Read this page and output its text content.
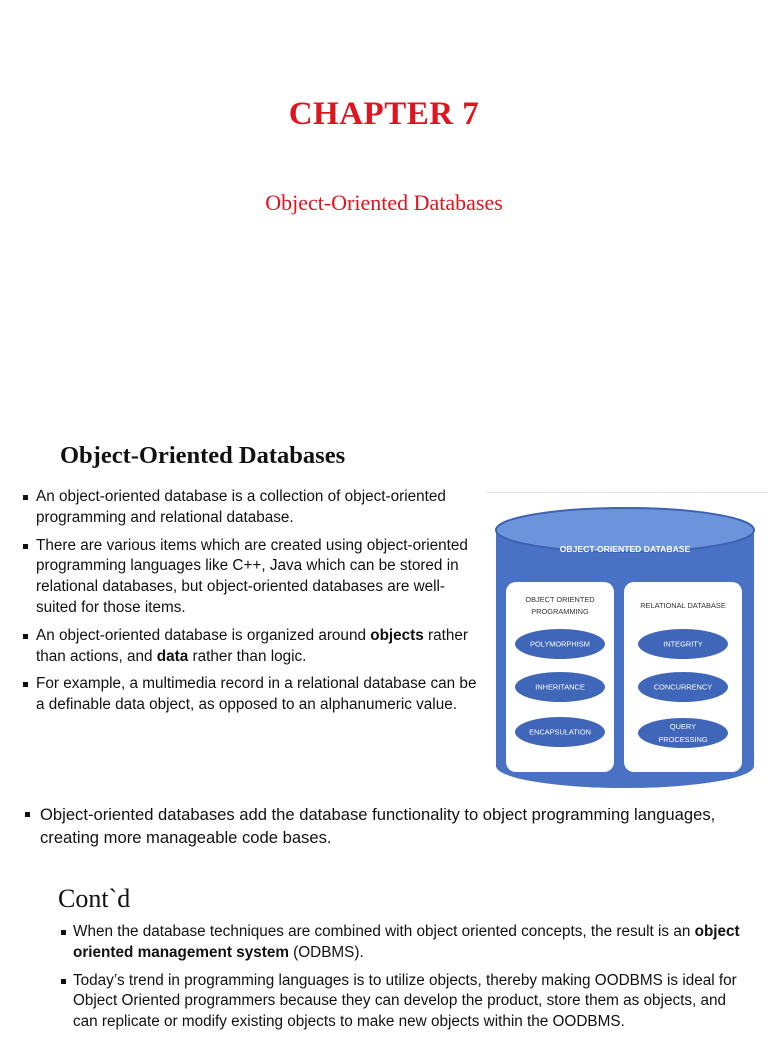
CHAPTER 7
Object-Oriented Databases
Object-Oriented Databases
An object-oriented database is a collection of object-oriented programming and relational database.
There are various items which are created using object-oriented programming languages like C++, Java which can be stored in relational databases, but object-oriented databases are well-suited for those items.
An object-oriented database is organized around objects rather than actions, and data rather than logic.
For example, a multimedia record in a relational database can be a definable data object, as opposed to an alphanumeric value.
Object-oriented databases add the database functionality to object programming languages, creating more manageable code bases.
OBJECT-ORIENTED DATABASE
OBJECT ORIENTED PROGRAMMING
RELATIONAL DATABASE
POLYMORPHISM
INHERITANCE
ENCAPSULATION
INTEGRITY
CONCURRENCY
QUERY PROCESSING
Cont`d
When the database techniques are combined with object oriented concepts, the result is an object oriented management system (ODBMS).
Today’s trend in programming languages is to utilize objects, thereby making OODBMS is ideal for Object Oriented programmers because they can develop the product, store them as objects, and can replicate or modify existing objects to make new objects within the OODBMS.
